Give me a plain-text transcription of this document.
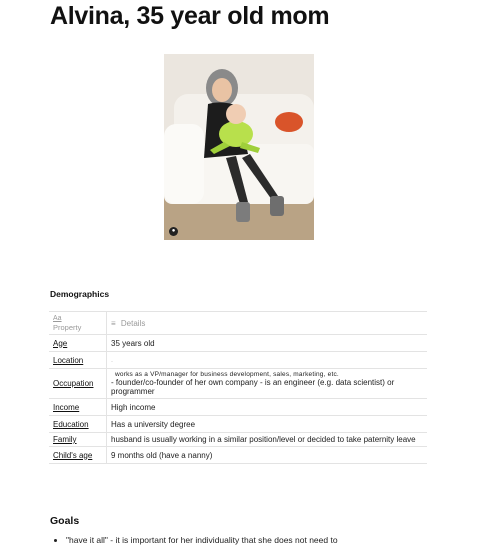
Alvina, 35 year old mom
●
Demographics
Aa
Property	≡ Details
Age	35 years old
Location	·
Occupation	works as a VP/manager for business development, sales, marketing, etc.
- founder/co-founder of her own company - is an engineer (e.g. data scientist) or programmer
Income	High income
Education	Has a university degree
Family	husband is usually working in a similar position/level or decided to take paternity leave
Child's age	9 months old (have a nanny)
Goals
• "have it all" - it is important for her individuality that she does not need to
